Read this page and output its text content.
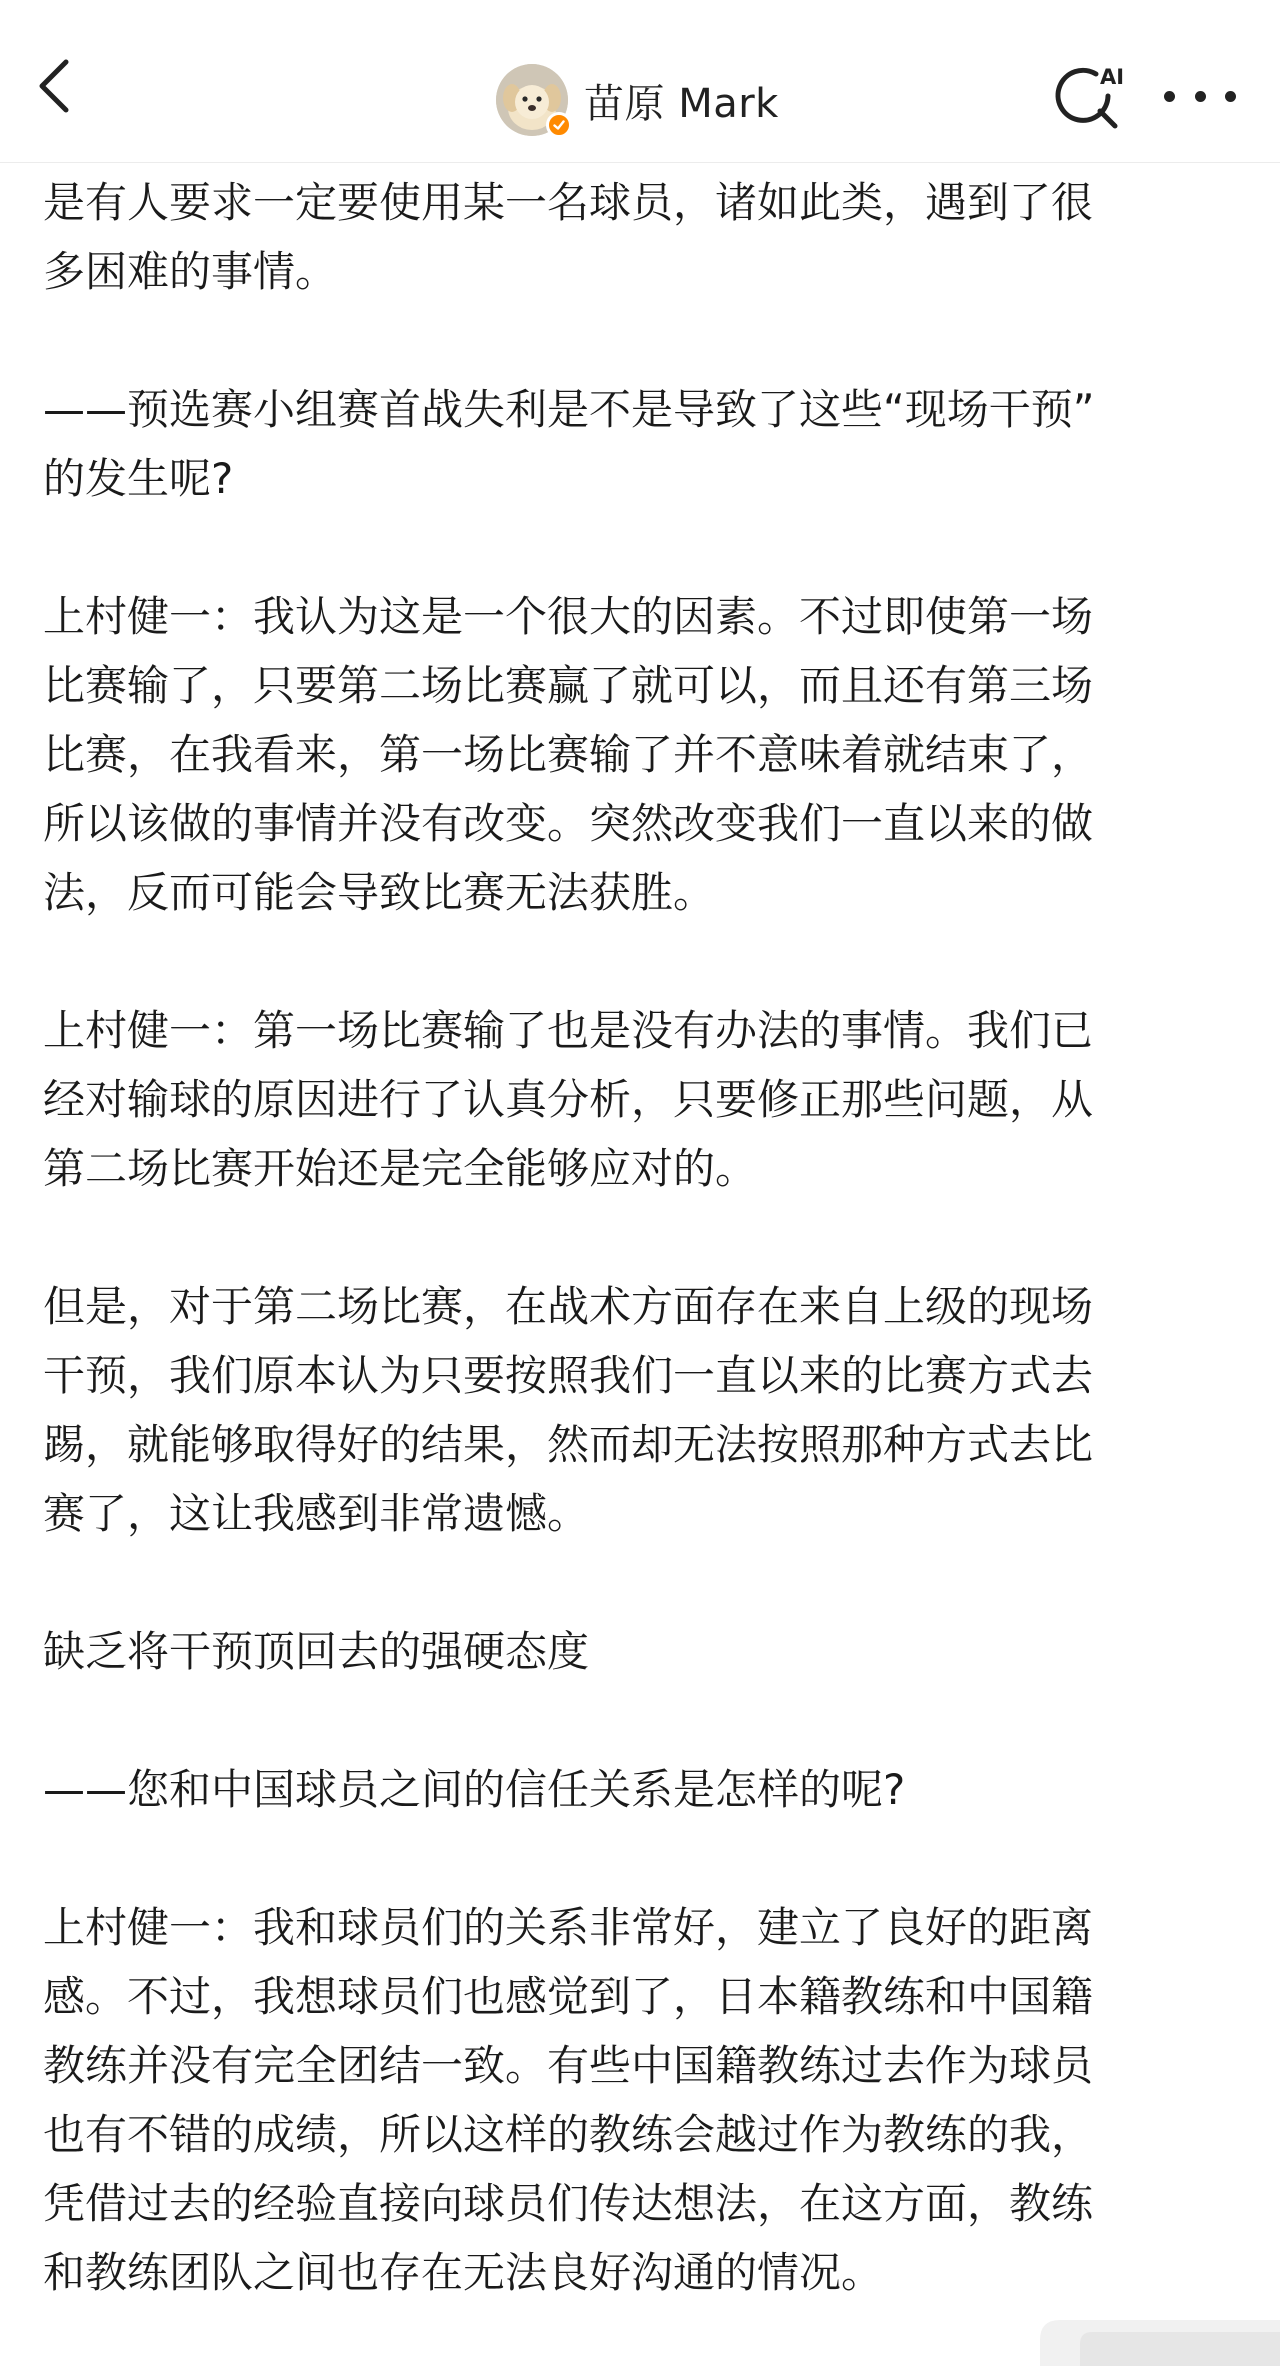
苗原 Mark
AI

是有人要求一定要使用某一名球员，诸如此类，遇到了很
多困难的事情。

——预选赛小组赛首战失利是不是导致了这些“现场干预”
的发生呢?

上村健一：我认为这是一个很大的因素。不过即使第一场
比赛输了，只要第二场比赛赢了就可以，而且还有第三场
比赛，在我看来，第一场比赛输了并不意味着就结束了，
所以该做的事情并没有改变。突然改变我们一直以来的做
法，反而可能会导致比赛无法获胜。

上村健一：第一场比赛输了也是没有办法的事情。我们已
经对输球的原因进行了认真分析，只要修正那些问题，从
第二场比赛开始还是完全能够应对的。

但是，对于第二场比赛，在战术方面存在来自上级的现场
干预，我们原本认为只要按照我们一直以来的比赛方式去
踢，就能够取得好的结果，然而却无法按照那种方式去比
赛了，这让我感到非常遗憾。

缺乏将干预顶回去的强硬态度

——您和中国球员之间的信任关系是怎样的呢?

上村健一：我和球员们的关系非常好，建立了良好的距离
感。不过，我想球员们也感觉到了，日本籍教练和中国籍
教练并没有完全团结一致。有些中国籍教练过去作为球员
也有不错的成绩，所以这样的教练会越过作为教练的我，
凭借过去的经验直接向球员们传达想法，在这方面，教练
和教练团队之间也存在无法良好沟通的情况。
